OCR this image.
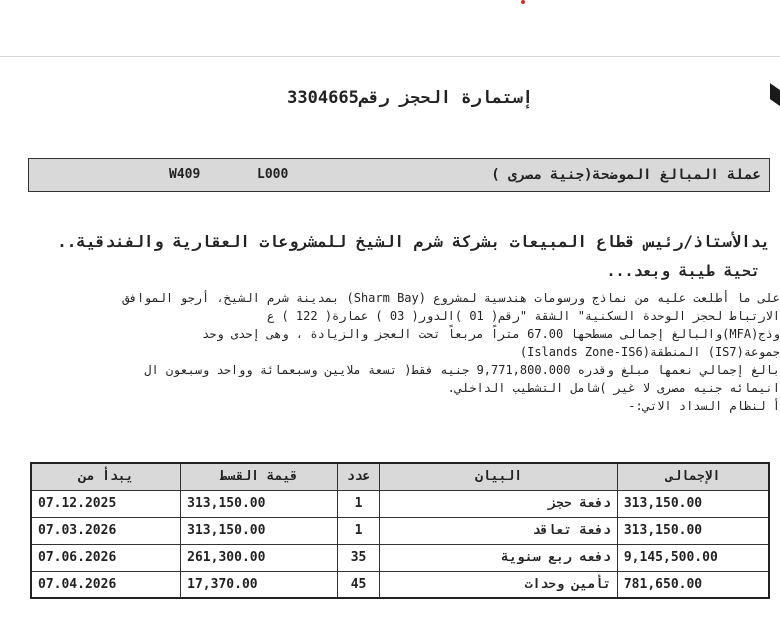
إستمارة الحجز رقم3304665
عملة المبالغ الموضحة(جنية مصرى )
L000
W409
يدالأستاذ/رئيس قطاع المبيعات بشركة شرم الشيخ للمشروعات العقارية والفندقية..
تحية طيبة وبعد...
على ما أطلعت عليه من نماذج ورسومات هندسية لمشروع (Sharm Bay) بمدينة شرم الشيخ، أرجو الموافق
الارتباط لحجز الوحدة السكنية" الشقة "رقم( 01 )الدور( 03 ) عمارة( 122 ) ع
وذج(MFA)والبالغ إجمالى مسطحها 67.00 متراً مربعاً تحت العجز والزيادة ، وهى إحدى وحد
جموعة(IS7) المنطقة(Islands Zone-IS6)
بالغ إجمالي نعمها مبلغ وقدره 9,771,800.000 جنيه فقط( تسعة ملايين وسبعمائة وواحد وسبعون ال
انيمائه جنيه مصرى لا غير )شامل التشطيب الداخلي.
أ لنظام السداد الاتي:-
الإجمالى	البيان	عدد	قيمة القسط	يبدأ من
313,150.00	دفعة حجز	1	313,150.00	07.12.2025
313,150.00	دفعة تعاقد	1	313,150.00	07.03.2026
9,145,500.00	دفعه ربع سنوية	35	261,300.00	07.06.2026
781,650.00	تأمين وحدات	45	17,370.00	07.04.2026
